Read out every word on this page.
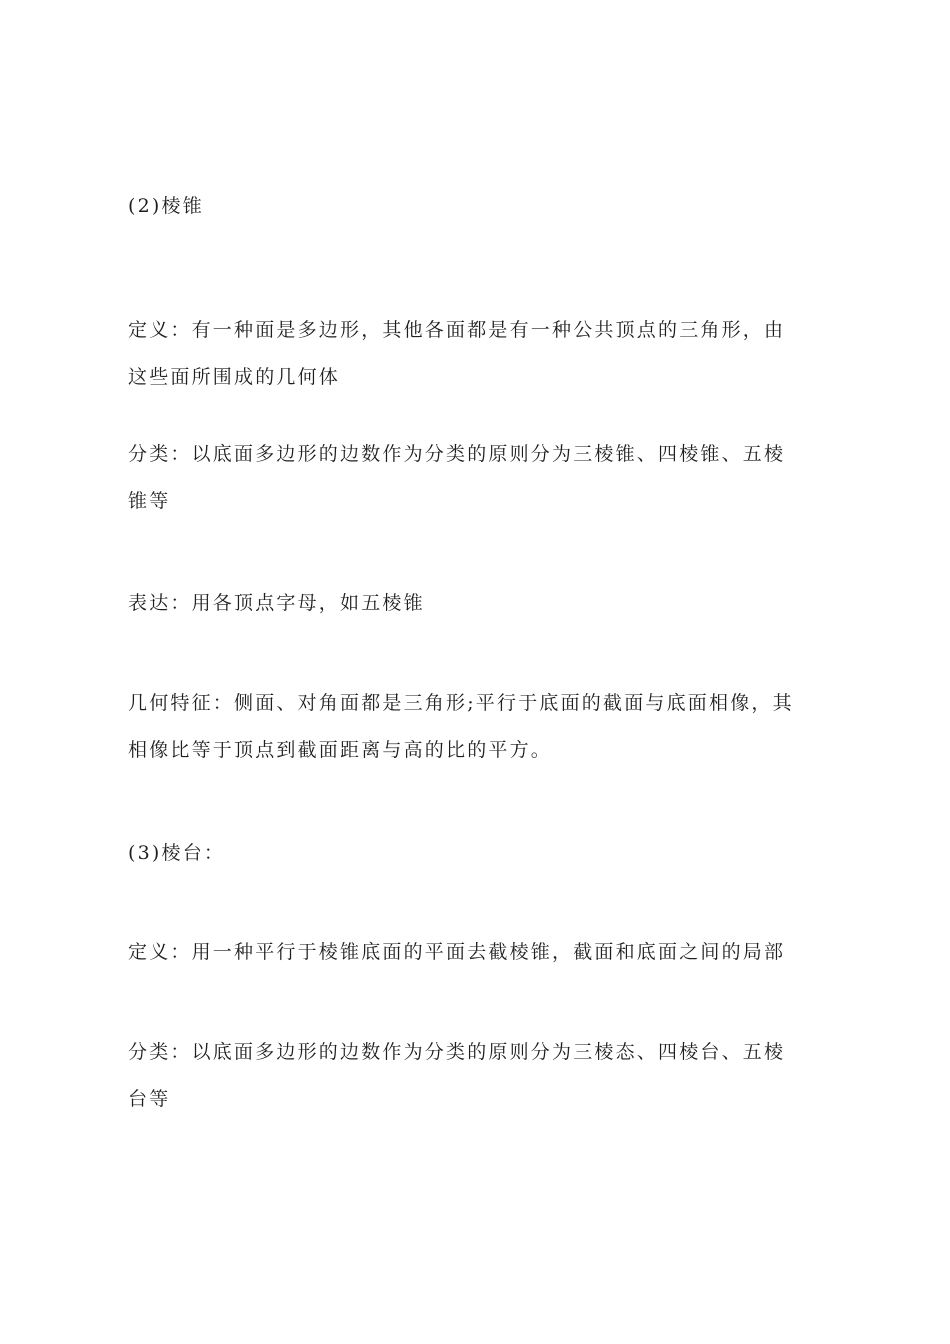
(2)棱锥

定义：有一种面是多边形，其他各面都是有一种公共顶点的三角形，由
这些面所围成的几何体

分类：以底面多边形的边数作为分类的原则分为三棱锥、四棱锥、五棱
锥等

表达：用各顶点字母，如五棱锥

几何特征：侧面、对角面都是三角形;平行于底面的截面与底面相像，其
相像比等于顶点到截面距离与高的比的平方。

(3)棱台：

定义：用一种平行于棱锥底面的平面去截棱锥，截面和底面之间的局部

分类：以底面多边形的边数作为分类的原则分为三棱态、四棱台、五棱
台等
